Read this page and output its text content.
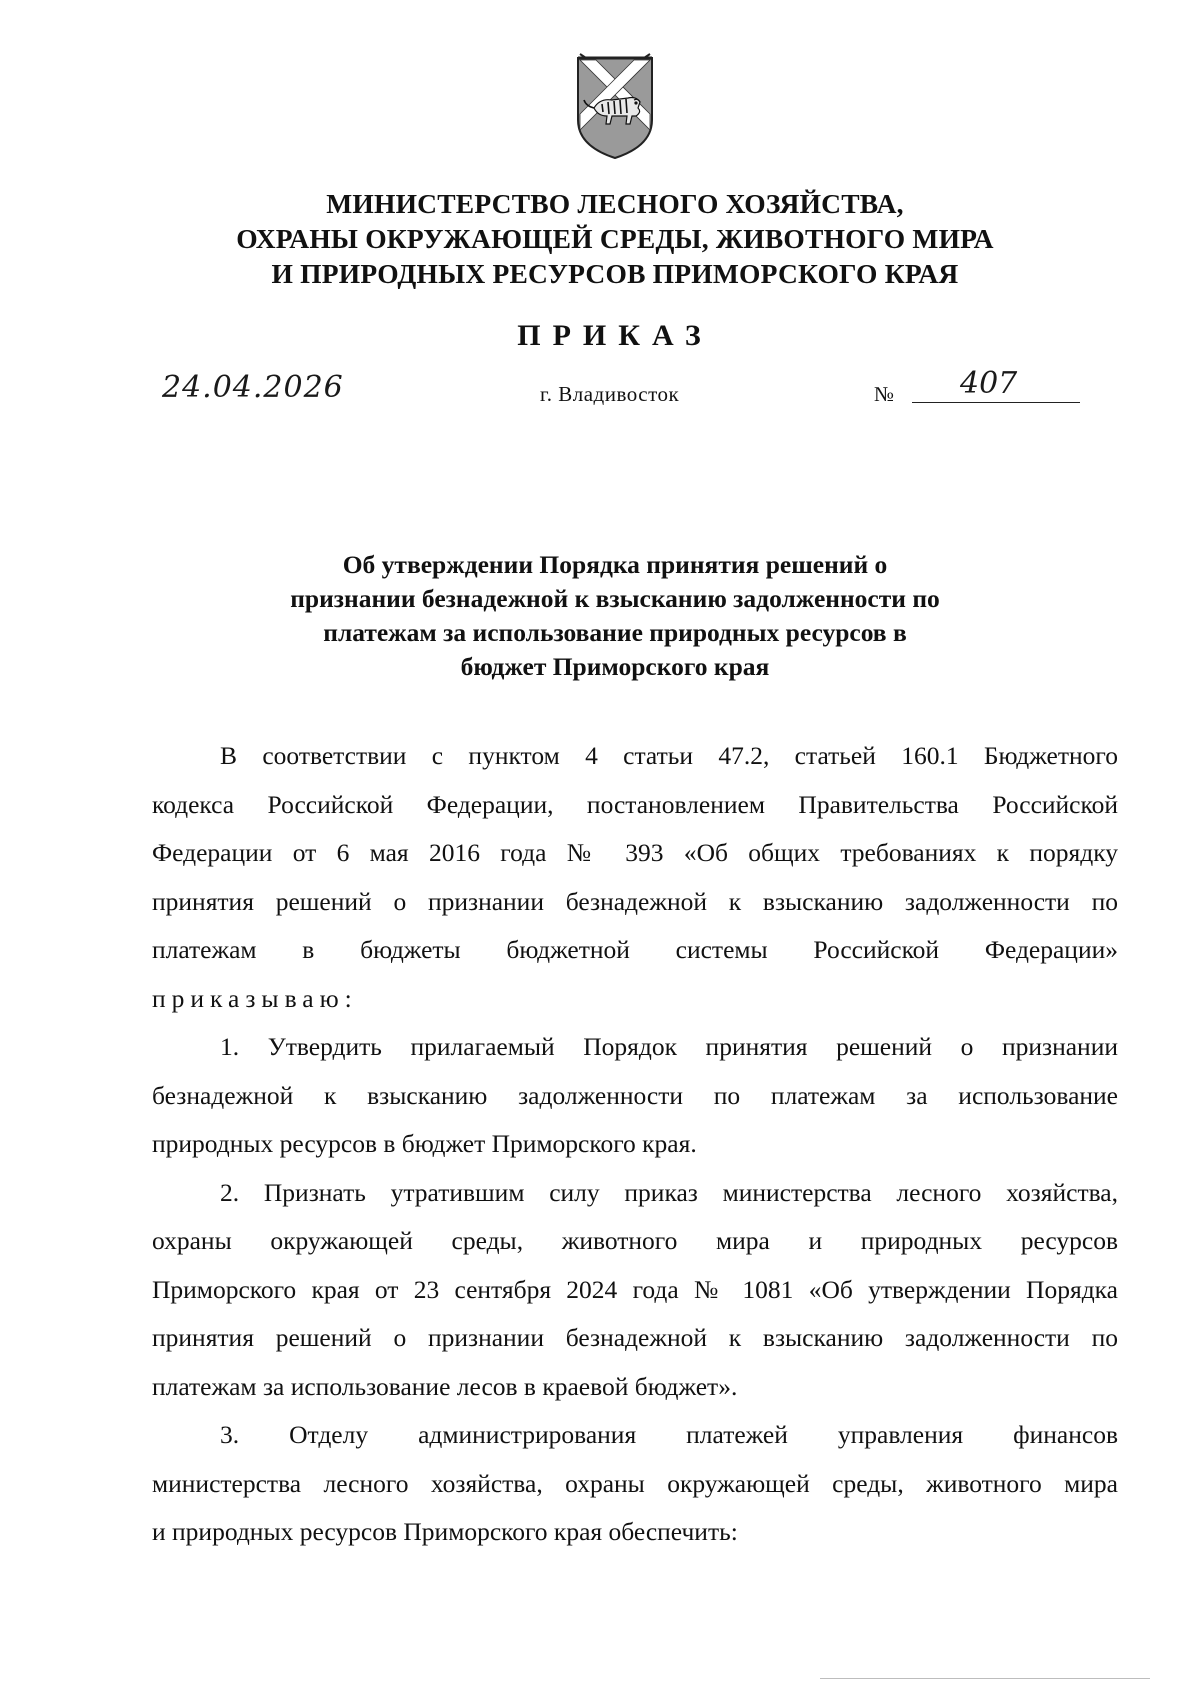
МИНИСТЕРСТВО ЛЕСНОГО ХОЗЯЙСТВА,
ОХРАНЫ ОКРУЖАЮЩЕЙ СРЕДЫ, ЖИВОТНОГО МИРА
И ПРИРОДНЫХ РЕСУРСОВ ПРИМОРСКОГО КРАЯ
ПРИКАЗ
24.04.2026	г. Владивосток	№ 407
Об утверждении Порядка принятия решений о
признании безнадежной к взысканию задолженности по
платежам за использование природных ресурсов в
бюджет Приморского края
В соответствии с пунктом 4 статьи 47.2, статьей 160.1 Бюджетного
кодекса Российской Федерации, постановлением Правительства Российской
Федерации от 6 мая 2016 года № 393 «Об общих требованиях к порядку
принятия решений о признании безнадежной к взысканию задолженности по
платежам в бюджеты бюджетной системы Российской Федерации»
приказываю:
1. Утвердить прилагаемый Порядок принятия решений о признании
безнадежной к взысканию задолженности по платежам за использование
природных ресурсов в бюджет Приморского края.
2. Признать утратившим силу приказ министерства лесного хозяйства,
охраны окружающей среды, животного мира и природных ресурсов
Приморского края от 23 сентября 2024 года № 1081 «Об утверждении Порядка
принятия решений о признании безнадежной к взысканию задолженности по
платежам за использование лесов в краевой бюджет».
3. Отделу администрирования платежей управления финансов
министерства лесного хозяйства, охраны окружающей среды, животного мира
и природных ресурсов Приморского края обеспечить:
